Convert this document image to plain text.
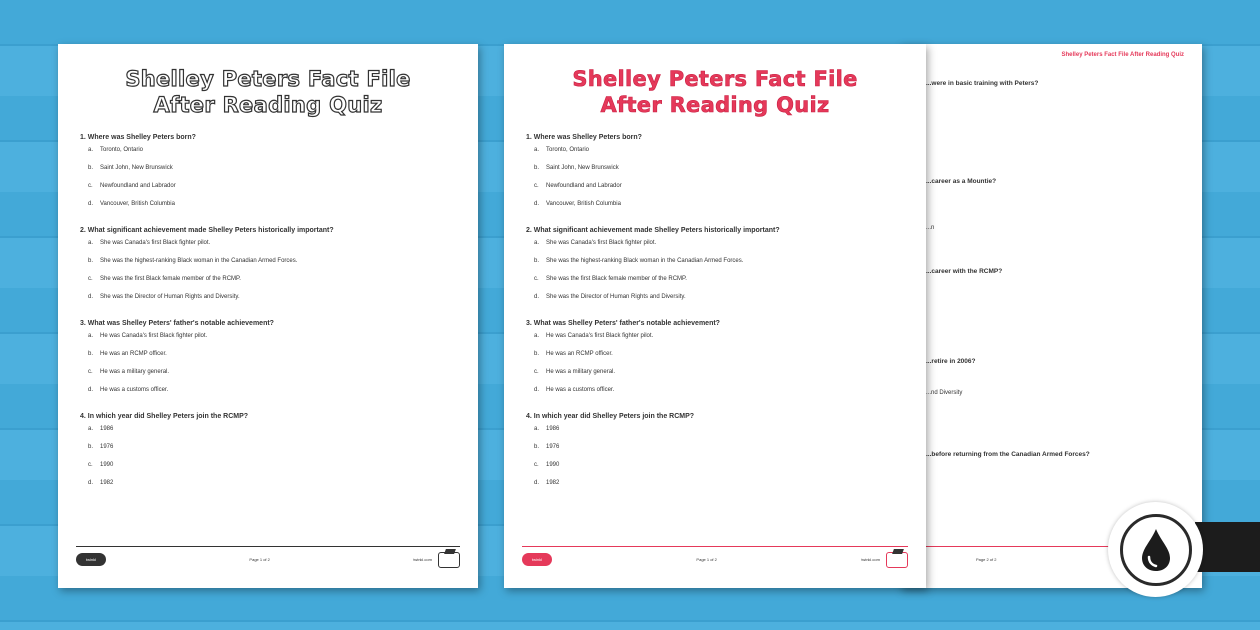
Shelley Peters Fact File After Reading Quiz
1. Where was Shelley Peters born?
a. Toronto, Ontario
b. Saint John, New Brunswick
c. Newfoundland and Labrador
d. Vancouver, British Columbia
2. What significant achievement made Shelley Peters historically important?
a. She was Canada's first Black fighter pilot.
b. She was the highest-ranking Black woman in the Canadian Armed Forces.
c. She was the first Black female member of the RCMP.
d. She was the Director of Human Rights and Diversity.
3. What was Shelley Peters' father's notable achievement?
a. He was Canada's first Black fighter pilot.
b. He was an RCMP officer.
c. He was a military general.
d. He was a customs officer.
4. In which year did Shelley Peters join the RCMP?
a. 1986
b. 1976
c. 1990
d. 1982
twinkl	Page 1 of 2	twinkl.com
Shelley Peters Fact File After Reading Quiz
...were in basic training with Peters?
...career as a Mountie?
...n
...career with the RCMP?
...retire in 2006?
...nd Diversity
...before returning from the Canadian Armed Forces?
Page 2 of 2
Shelley Peters Fact File After Reading Quiz
1. Where was Shelley Peters born?
a. Toronto, Ontario
b. Saint John, New Brunswick
c. Newfoundland and Labrador
d. Vancouver, British Columbia
2. What significant achievement made Shelley Peters historically important?
a. She was Canada's first Black fighter pilot.
b. She was the highest-ranking Black woman in the Canadian Armed Forces.
c. She was the first Black female member of the RCMP.
d. She was the Director of Human Rights and Diversity.
3. What was Shelley Peters' father's notable achievement?
a. He was Canada's first Black fighter pilot.
b. He was an RCMP officer.
c. He was a military general.
d. He was a customs officer.
4. In which year did Shelley Peters join the RCMP?
a. 1986
b. 1976
c. 1990
d. 1982
twinkl	Page 1 of 2	twinkl.com
